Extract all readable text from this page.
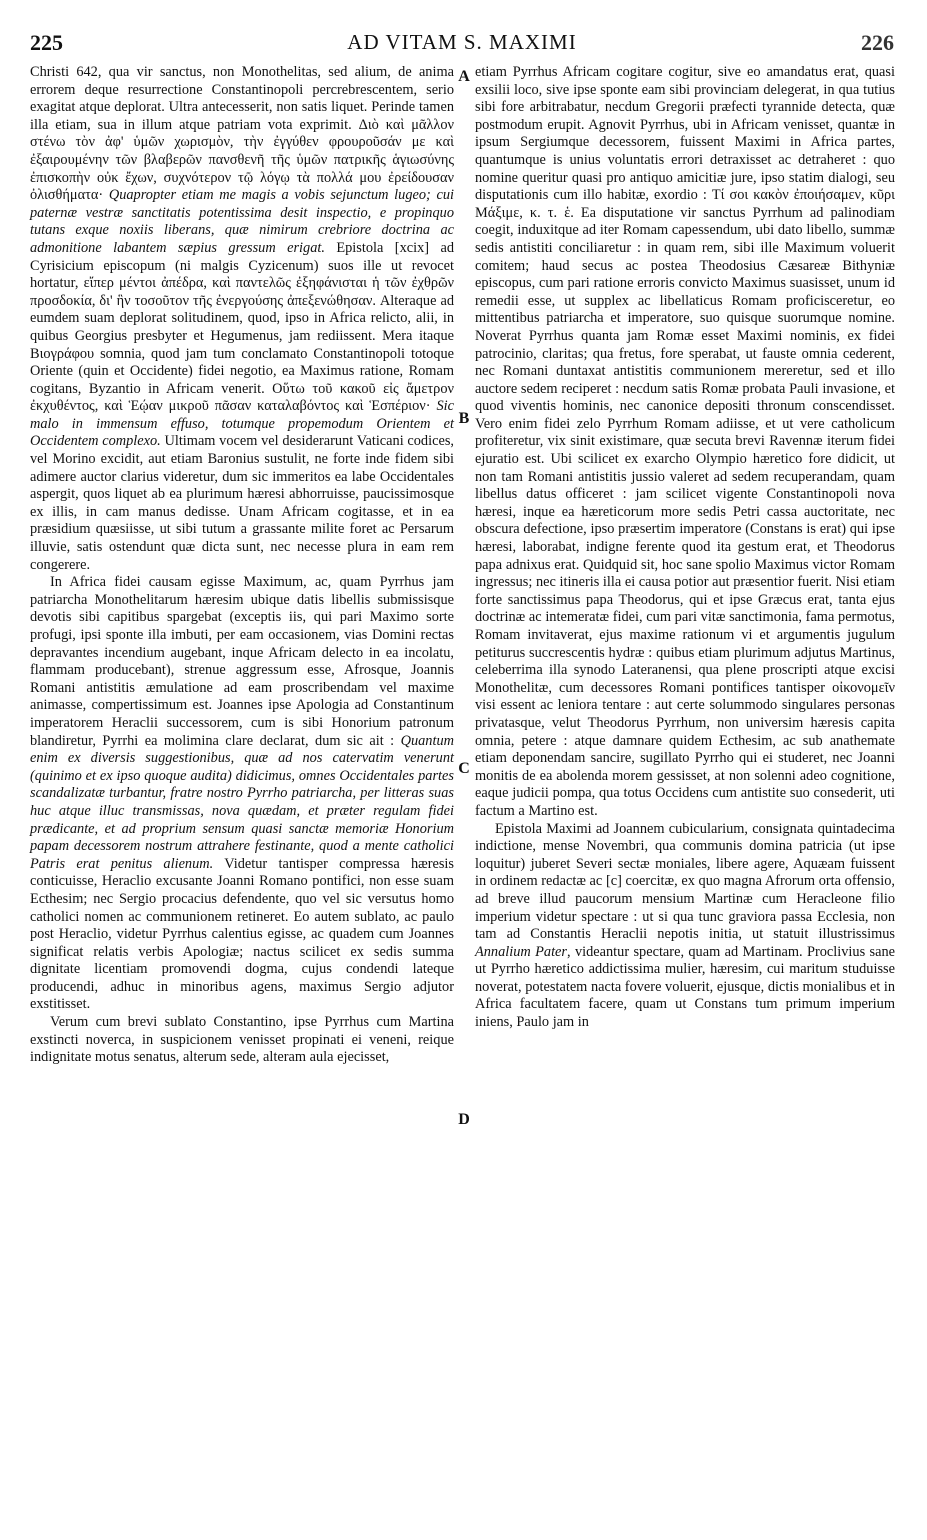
225	AD VITAM S. MAXIMI	226

Christi 642, qua vir sanctus, non Monothelitas, sed alium, de anima errorem deque resurrectione Constantinopoli percrebrescentem, serio exagitat atque deplorat. Ultra antecesserit, non satis liquet. Perinde tamen illa etiam, sua in illum atque patriam vota exprimit. Διὸ καὶ μᾶλλον στένω τὸν ἀφ' ὑμῶν χωρισμὸν, τὴν ἐγγύθεν φρουροῦσάν με καὶ ἐξαιρουμένην τῶν βλαβερῶν πανσθενῆ τῆς ὑμῶν πατρικῆς ἁγιωσύνης ἐπισκοπὴν οὐκ ἔχων, συχνότερον τῷ λόγῳ τὰ πολλά μου ἐρείδουσαν ὀλισθήματα· Quapropter etiam me magis a vobis sejunctum lugeo; cui paternæ vestræ sanctitatis potentissima desit inspectio, e propinquo tutans exque noxiis liberans, quæ nimirum crebriore doctrina ac admonitione labantem sæpius gressum erigat. Epistola [xcix] ad Cyrisicium episcopum (ni malgis Cyzicenum) suos ille ut revocet hortatur, εἴπερ μέντοι ἀπέδρα, καὶ παντελῶς ἐξηφάνισται ἡ τῶν ἐχθρῶν προσδοκία, δι' ἣν τοσοῦτον τῆς ἐνεργούσης ἀπεξενώθησαν. Alteraque ad eumdem suam deplorat solitudinem, quod, ipso in Africa relicto, alii, in quibus Georgius presbyter et Hegumenus, jam rediissent. Mera itaque Βιογράφου somnia, quod jam tum conclamato Constantinopoli totoque Oriente (quin et Occidente) fidei negotio, ea Maximus ratione, Romam cogitans, Byzantio in Africam venerit. Οὕτω τοῦ κακοῦ εἰς ἄμετρον ἐκχυθέντος, καὶ Ἑῴαν μικροῦ πᾶσαν καταλαβόντος καὶ Ἑσπέριον· Sic malo in immensum effuso, totumque propemodum Orientem et Occidentem complexo. Ultimam vocem vel desiderarunt Vaticani codices, vel Morino excidit, aut etiam Baronius sustulit, ne forte inde fidem sibi adimere auctor clarius videretur, dum sic immeritos ea labe Occidentales aspergit, quos liquet ab ea plurimum hæresi abhorruisse, paucissimosque ex illis, in cam manus dedisse. Unam Africam cogitasse, et in ea præsidium quæsiisse, ut sibi tutum a grassante milite foret ac Persarum illuvie, satis ostendunt quæ dicta sunt, nec necesse plura in eam rem congerere.

In Africa fidei causam egisse Maximum, ac, quam Pyrrhus jam patriarcha Monothelitarum hæresim ubique datis libellis submissisque devotis sibi capitibus spargebat (exceptis iis, qui pari Maximo sorte profugi, ipsi sponte illa imbuti, per eam occasionem, vias Domini rectas depravantes incendium augebant, inque Africam delecto in ea incolatu, flammam producebant), strenue aggressum esse, Afrosque, Joannis Romani antistitis æmulatione ad eam proscribendam vel maxime animasse, compertissimum est. Joannes ipse Apologia ad Constantinum imperatorem Heraclii successorem, cum is sibi Honorium patronum blandiretur, Pyrrhi ea molimina clare declarat, dum sic ait : Quantum enim ex diversis suggestionibus, quæ ad nos catervatim venerunt (quinimo et ex ipso quoque audita) didicimus, omnes Occidentales partes scandalizatæ turbantur, fratre nostro Pyrrho patriarcha, per litteras suas huc atque illuc transmissas, nova quædam, et præter regulam fidei prædicante, et ad proprium sensum quasi sanctæ memoriæ Honorium papam decessorem nostrum attrahere festinante, quod a mente catholici Patris erat penitus alienum. Videtur tantisper compressa hæresis conticuisse, Heraclio excusante Joanni Romano pontifici, non esse suam Ecthesim; nec Sergio procacius defendente, quo vel sic versutus homo catholici nomen ac communionem retineret. Eo autem sublato, ac paulo post Heraclio, videtur Pyrrhus calentius egisse, ac quadem cum Joannes significat relatis verbis Apologiæ; nactus scilicet ex sedis summa dignitate licentiam promovendi dogma, cujus condendi lateque producendi, adhuc in minoribus agens, maximus Sergio adjutor exstitisset.

Verum cum brevi sublato Constantino, ipse Pyrrhus cum Martina exstincti noverca, in suspicionem venisset propinati ei veneni, reique indignitate motus senatus, alterum sede, alteram aula ejecisset,

A
B
C
D

etiam Pyrrhus Africam cogitare cogitur, sive eo amandatus erat, quasi exsilii loco, sive ipse sponte eam sibi provinciam delegerat, in qua tutius sibi fore arbitrabatur, necdum Gregorii præfecti tyrannide detecta, quæ postmodum erupit. Agnovit Pyrrhus, ubi in Africam venisset, quantæ in ipsum Sergiumque decessorem, fuissent Maximi in Africa partes, quantumque is unius voluntatis errori detraxisset ac detraheret : quo nomine queritur quasi pro antiquo amicitiæ jure, ipso statim dialogi, seu disputationis cum illo habitæ, exordio : Τί σοι κακὸν ἐποιήσαμεν, κῦρι Μάξιμε, κ. τ. ἑ. Ea disputatione vir sanctus Pyrrhum ad palinodiam coegit, induxitque ad iter Romam capessendum, ubi dato libello, summæ sedis antistiti conciliaretur : in quam rem, sibi ille Maximum voluerit comitem; haud secus ac postea Theodosius Cæsareæ Bithyniæ episcopus, cum pari ratione erroris convicto Maximus suasisset, unum id remedii esse, ut supplex ac libellaticus Romam proficisceretur, eo mittentibus patriarcha et imperatore, suo quisque suorumque nomine. Noverat Pyrrhus quanta jam Romæ esset Maximi nominis, ex fidei patrocinio, claritas; qua fretus, fore sperabat, ut fauste omnia cederent, nec Romani duntaxat antistitis communionem mereretur, sed et illo auctore sedem reciperet : necdum satis Romæ probata Pauli invasione, et quod viventis hominis, nec canonice depositi thronum conscendisset. Vero enim fidei zelo Pyrrhum Romam adiisse, et ut vere catholicum profiteretur, vix sinit existimare, quæ secuta brevi Ravennæ iterum fidei ejuratio est. Ubi scilicet ex exarcho Olympio hæretico fore didicit, ut non tam Romani antistitis jussio valeret ad sedem recuperandam, quam libellus datus officeret : jam scilicet vigente Constantinopoli nova hæresi, inque ea hæreticorum more sedis Petri cassa auctoritate, nec obscura defectione, ipso præsertim imperatore (Constans is erat) qui ipse hæresi, laborabat, indigne ferente quod ita gestum erat, et Theodorus papa adnixus erat. Quidquid sit, hoc sane spolio Maximus victor Romam ingressus; nec itineris illa ei causa potior aut præsentior fuerit. Nisi etiam forte sanctissimus papa Theodorus, qui et ipse Græcus erat, tanta ejus doctrinæ ac intemeratæ fidei, cum pari vitæ sanctimonia, fama permotus, Romam invitaverat, ejus maxime rationum vi et argumentis jugulum petiturus succrescentis hydræ : quibus etiam plurimum adjutus Martinus, celeberrima illa synodo Lateranensi, qua plene proscripti atque excisi Monothelitæ, cum decessores Romani pontifices tantisper οἰκονομεῖν visi essent ac leniora tentare : aut certe solummodo singulares personas privatasque, velut Theodorus Pyrrhum, non universim hæresis capita omnia, petere : atque damnare quidem Ecthesim, ac sub anathemate etiam deponendam sancire, sugillato Pyrrho qui ei studeret, nec Joanni monitis de ea abolenda morem gessisset, at non solenni adeo cognitione, eaque judicii pompa, qua totus Occidens cum antistite suo consederit, uti factum a Martino est.

Epistola Maximi ad Joannem cubicularium, consignata quintadecima indictione, mense Novembri, qua communis domina patricia (ut ipse loquitur) juberet Severi sectæ moniales, libere agere, Aquæam fuissent in ordinem redactæ ac [c] coercitæ, ex quo magna Afrorum orta offensio, ad breve illud paucorum mensium Martinæ cum Heracleone filio imperium videtur spectare : ut si qua tunc graviora passa Ecclesia, non tam ad Constantis Heraclii nepotis initia, ut statuit illustrissimus Annalium Pater, videantur spectare, quam ad Martinam. Proclivius sane ut Pyrrho hæretico addictissima mulier, hæresim, cui maritum studuisse noverat, potestatem nacta fovere voluerit, ejusque, dictis monialibus et in Africa facultatem facere, quam ut Constans tum primum imperium iniens, Paulo jam in
